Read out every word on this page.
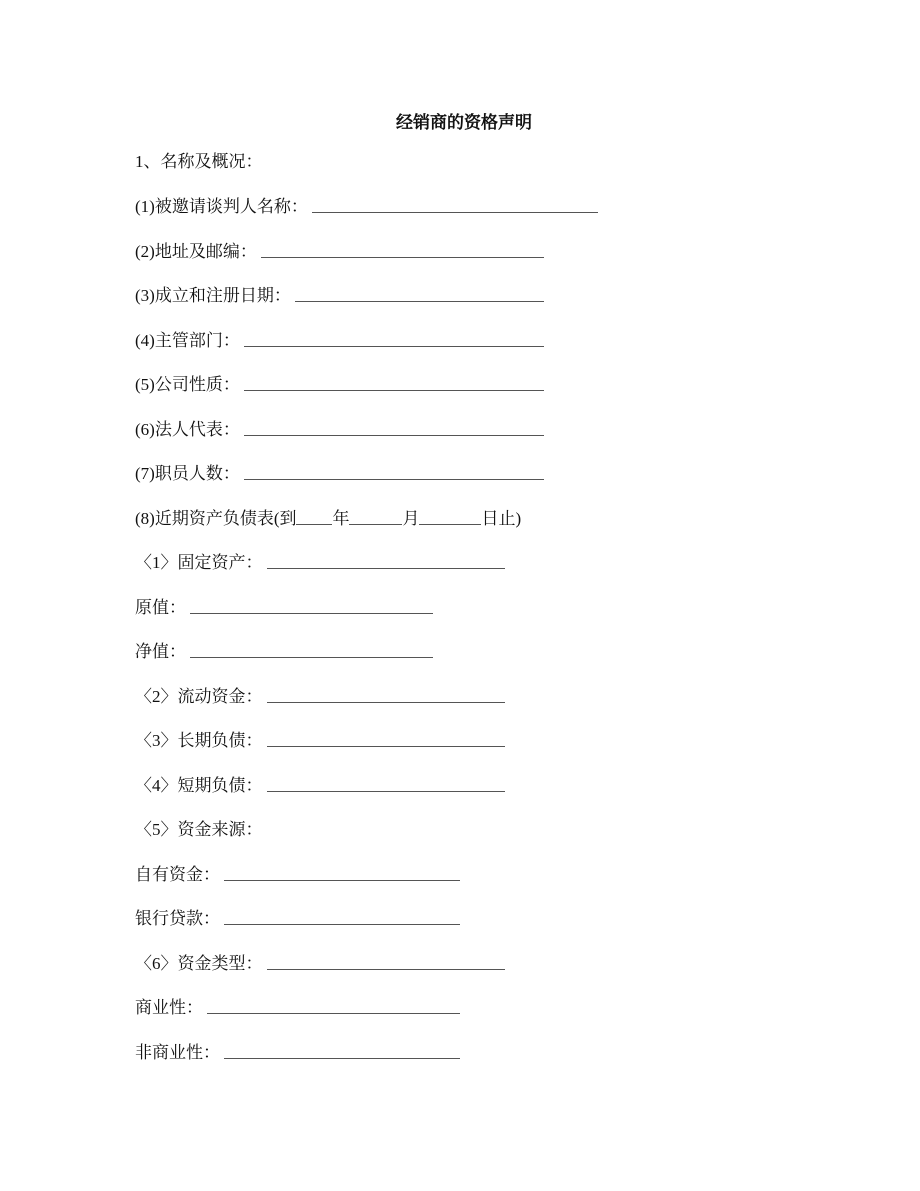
经销商的资格声明
1、名称及概况：
(1)被邀请谈判人名称：
(2)地址及邮编：
(3)成立和注册日期：
(4)主管部门：
(5)公司性质：
(6)法人代表：
(7)职员人数：
(8)近期资产负债表(到 年	月	日止)
〈1〉固定资产：
原值：
净值：
〈2〉流动资金：
〈3〉长期负债：
〈4〉短期负债：
〈5〉资金来源：
自有资金：
银行贷款：
〈6〉资金类型：
商业性：
非商业性：
